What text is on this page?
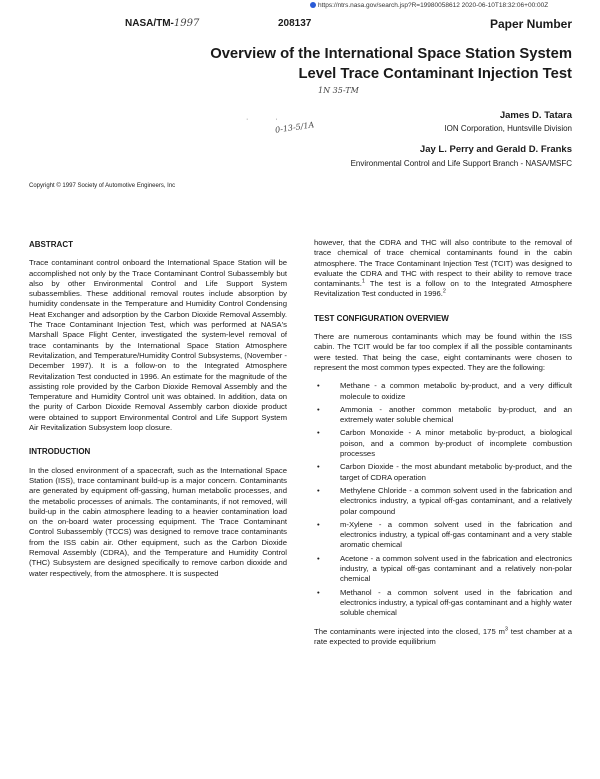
https://ntrs.nasa.gov/search.jsp?R=19980058612 2020-06-10T18:32:06+00:00Z
NASA/TM-1997	208137	Paper Number
Overview of the International Space Station System
Level Trace Contaminant Injection Test
1N 35-TM
0-13-5/1A
·              ·	James D. Tatara
ION Corporation, Huntsville Division
Jay L. Perry and Gerald D. Franks
Environmental Control and Life Support Branch - NASA/MSFC
Copyright © 1997 Society of Automotive Engineers, Inc
ABSTRACT

Trace contaminant control onboard the International Space Station will be accomplished not only by the Trace Contaminant Control Subassembly but also by other Environmental Control and Life Support System subassemblies. These additional removal routes include absorption by humidity condensate in the Temperature and Humidity Control Condensing Heat Exchanger and adsorption by the Carbon Dioxide Removal Assembly. The Trace Contaminant Injection Test, which was performed at NASA's Marshall Space Flight Center, investigated the system-level removal of trace contaminants by the International Space Station Atmosphere Revitalization, and Temperature/Humidity Control Subsystems, (November - December 1997). It is a follow-on to the Integrated Atmosphere Revitalization Test conducted in 1996. An estimate for the magnitude of the assisting role provided by the Carbon Dioxide Removal Assembly and the Temperature and Humidity Control unit was obtained. In addition, data on the purity of Carbon Dioxide Removal Assembly carbon dioxide product were obtained to support Environmental Control and Life Support System Air Revitalization Subsystem loop closure.

INTRODUCTION

In the closed environment of a spacecraft, such as the International Space Station (ISS), trace contaminant build-up is a major concern. Contaminants are generated by equipment off-gassing, human metabolic processes, and the metabolic processes of animals. The contaminants, if not removed, will build-up in the cabin atmosphere leading to a heavier contamination load on the on-board water processing equipment. The Trace Contaminant Control Subassembly (TCCS) was designed to remove trace contaminants from the ISS cabin air. Other equipment, such as the Carbon Dioxide Removal Assembly (CDRA), and the Temperature and Humidity Control (THC) Subsystem are designed specifically to remove carbon dioxide and water respectively, from the atmosphere. It is suspected

however, that the CDRA and THC will also contribute to the removal of trace chemical of trace chemical contaminants found in the cabin atmosphere. The Trace Contaminant Injection Test (TCIT) was designed to evaluate the CDRA and THC with respect to their ability to remove trace contaminants.$^1$ The test is a follow on to the Integrated Atmosphere Revitalization Test conducted in 1996.$^2$

TEST CONFIGURATION OVERVIEW

There are numerous contaminants which may be found within the ISS cabin. The TCIT would be far too complex if all the possible contaminants were tested. That being the case, eight contaminants were chosen to represent the most common types expected. They are the following:

•	Methane - a common metabolic by-product, and a very difficult molecule to oxidize
•	Ammonia - another common metabolic by-product, and an extremely water soluble chemical
•	Carbon Monoxide - A minor metabolic by-product, a biological poison, and a common by-product of incomplete combustion processes
•	Carbon Dioxide - the most abundant metabolic by-product, and the target of CDRA operation
•	Methylene Chloride - a common solvent used in the fabrication and electronics industry, a typical off-gas contaminant, and a relatively polar compound
•	m-Xylene - a common solvent used in the fabrication and electronics industry, a typical off-gas contaminant and a very stable aromatic chemical
•	Acetone - a common solvent used in the fabrication and electronics industry, a typical off-gas contaminant and a relatively non-polar chemical
•	Methanol - a common solvent used in the fabrication and electronics industry, a typical off-gas contaminant and a highly water soluble chemical

The contaminants were injected into the closed, 175 $m^3$ test chamber at a rate expected to provide equilibrium
